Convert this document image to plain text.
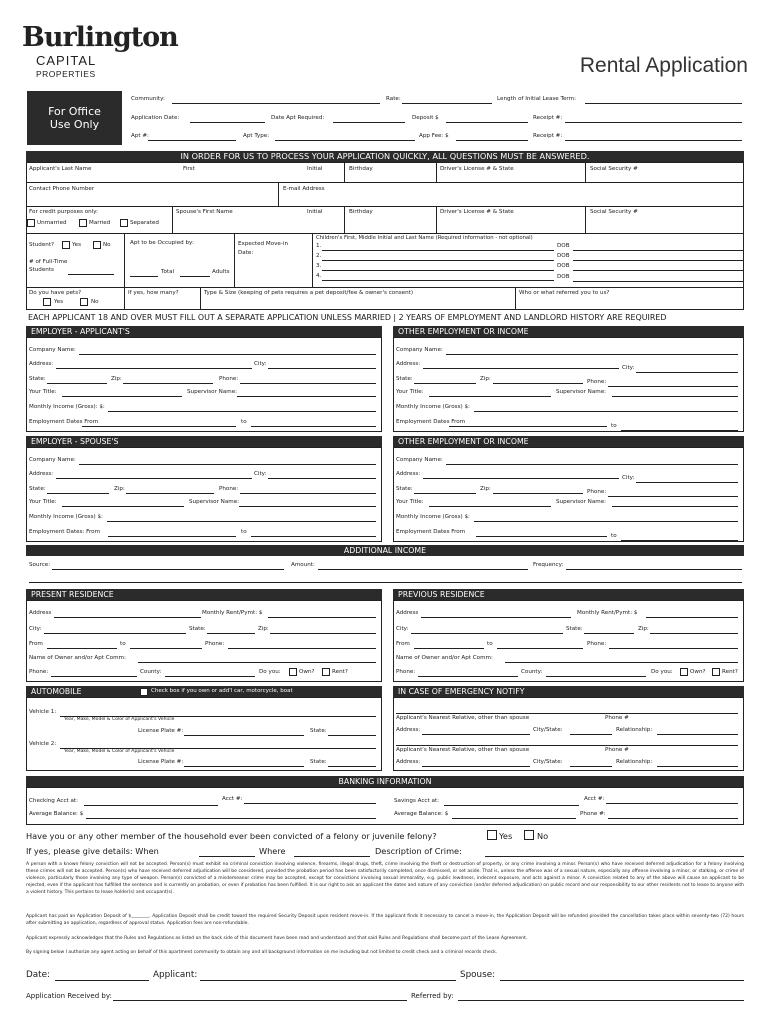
Burlington
CAPITAL
PROPERTIES	Rental Application
For Office
Use Only
Community:	Rate:	Length of Initial Lease Term:
Application Date:	Date Apt Required:	Deposit $	Receipt #:
Apt #:	Apt Type:	App Fee: $	Receipt #:
IN ORDER FOR US TO PROCESS YOUR APPLICATION QUICKLY, ALL QUESTIONS MUST BE ANSWERED.
Applicant's Last Name	First	Initial	Birthday	Driver's License # & State	Social Security #
Contact Phone Number	E-mail Address
For credit purposes only:
Unmarried	Married	Separated
Spouse's First Name	Initial	Birthday	Driver's License # & State	Social Security #
Student?	Yes	No
# of Full-Time
Students
Apt to be Occupied by:
Total	Adults
Expected Move-in
Date:
Children's First, Middle Initial and Last Name (Required information - not optional)
1.	DOB
2.	DOB
3.	DOB
4.	DOB
Do you have pets?
Yes	No
If yes, how many?	Type & Size (keeping of pets requires a pet deposit/fee & owner's consent)	Who or what referred you to us?
EACH APPLICANT 18 AND OVER MUST FILL OUT A SEPARATE APPLICATION UNLESS MARRIED | 2 YEARS OF EMPLOYMENT AND LANDLORD HISTORY ARE REQUIRED
EMPLOYER - APPLICANT'S
Company Name:
Address:	City:
State:	Zip:	Phone:
Your Title:	Supervisor Name:
Monthly Income (Gross): $:
Employment Dates From	to
OTHER EMPLOYMENT OR INCOME
Company Name:
Address:
City:
State:	Zip:	Phone:
Your Title:	Supervisor Name:
Monthly Income (Gross) $:
Employment Dates From
to
EMPLOYER - SPOUSE'S
Company Name:
Address:	City:
State:	Zip:	Phone:
Your Title:	Supervisor Name:
Monthly Income (Gross) $:
Employment Dates: From	to
OTHER EMPLOYMENT OR INCOME
Company Name:
Address:
City:
State:	Zip:	Phone:
Your Title:	Supervisor Name:
Monthly Income (Gross) $:
Employment Dates From
to
ADDITIONAL INCOME
Source:	Amount:	Frequency:
PRESENT RESIDENCE
Address	Monthly Rent/Pymt: $
City:	State:	Zip:
From	to	Phone:
Name of Owner and/or Apt Comm:
Phone:	County:	Do you:	Own?	Rent?
PREVIOUS RESIDENCE
Address	Monthly Rent/Pymt: $
City:	State:	Zip:
From	to	Phone:
Name of Owner and/or Apt Comm:
Phone:	County:	Do you:	Own?	Rent?
AUTOMOBILE	Check box if you own or add'l car, motorcycle, boat
Vehicle 1:
Year, Make, Model & Color of Applicant's Vehicle
License Plate #:	State:
Vehicle 2:
Year, Make, Model & Color of Applicant's Vehicle
License Plate #:	State:
IN CASE OF EMERGENCY NOTIFY
Applicant's Nearest Relative, other than spouse	Phone #
Address:	City/State:	Relationship:
Applicant's Nearest Relative, other than spouse	Phone #
Address:	City/State:	Relationship:
BANKING INFORMATION
Checking Acct at:	Acct #:
Average Balance: $
Savings Acct at:	Acct #:
Average Balance: $	Phone #:
Have you or any other member of the household ever been convicted of a felony or juvenile felony?	Yes	No
If yes, please give details: When	Where	Description of Crime:
A person with a known felony conviction will not be accepted. Person(s) must exhibit no criminal conviction involving violence, firearms, illegal drugs, theft, crime involving the theft or destruction of property, or any crime involving a minor. Person(s) who have received deferred adjudication for a felony involving these crimes will not be accepted. Person(s) who have received deferred adjudication will be considered, provided the probation period has been satisfactorily completed, once dismissed, or set aside. That is, unless the offense was of a sexual nature, especially any offense involving a minor, or stalking, or crime of violence, particularly those involving any type of weapon. Person(s) convicted of a misdemeanor crime may be accepted, except for convictions involving sexual immorality, e.g. public lewdness, indecent exposure, and acts against a minor. A conviction related to any of the above will cause an applicant to be rejected, even if the applicant has fulfilled the sentence and is currently on probation, or even if probation has been fulfilled. It is our right to ask an applicant the dates and nature of any conviction (and/or deferred adjudication) on public record and our responsibility to our other residents not to lease to anyone with a violent history. This pertains to lease holder(s) and occupant(s).
Applicant has paid an Application Deposit of $________. Application Deposit shall be credit toward the required Security Deposit upon resident move-in. If the applicant finds it necessary to cancel a move-in, the Application Deposit will be refunded provided the cancellation takes place within seventy-two (72) hours after submitting an application, regardless of approval status. Application fees are non-refundable.
Applicant expressly acknowledges that the Rules and Regulations as listed on the back side of this document have been read and understood and that said Rules and Regulations shall become part of the Lease Agreement.
By signing below I authorize any agent acting on behalf of this apartment community to obtain any and all background information on me including but not limited to credit check and a criminal records check.
Date:	Applicant:	Spouse:
Application Received by:	Referred by:
